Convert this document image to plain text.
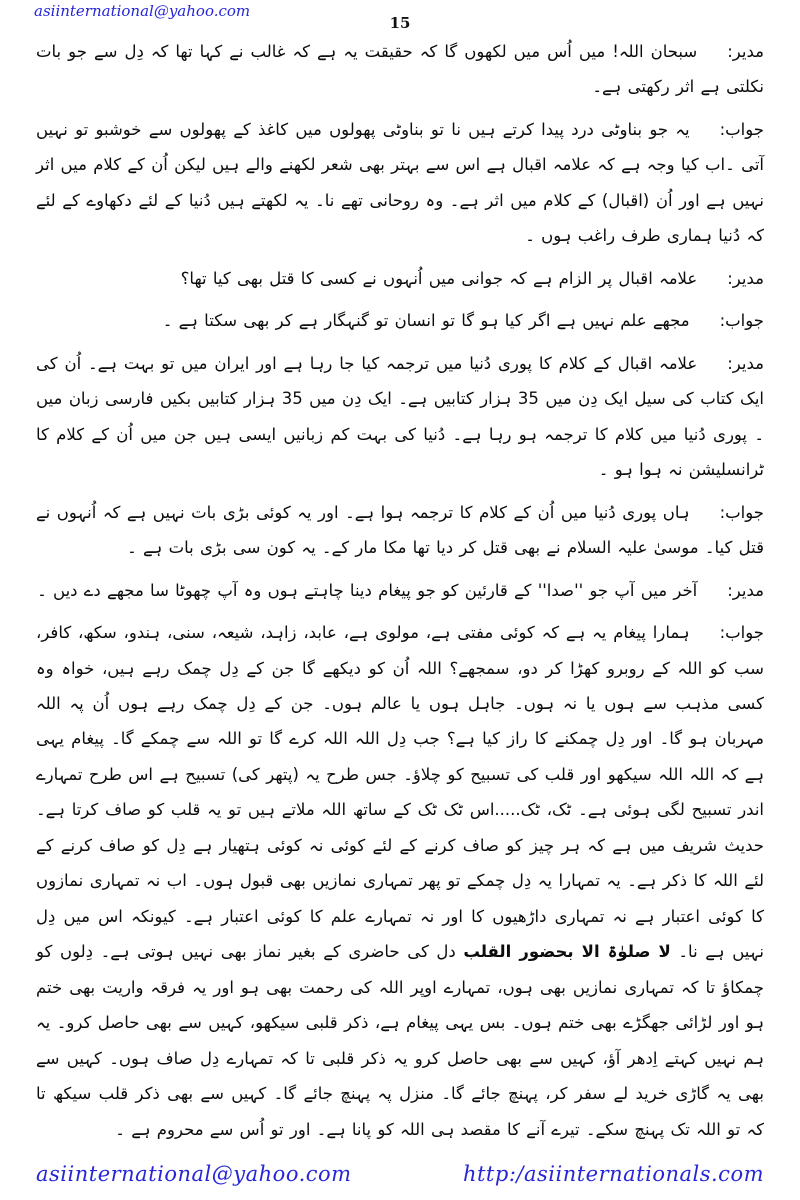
asiinternational@yahoo.com
15

مدیر:سبحان اللہ! میں اُس میں لکھوں گا کہ حقیقت یہ ہے کہ غالب نے کہا تھا کہ دِل سے جو بات نکلتی ہے اثر رکھتی ہے۔

جواب:یہ جو بناوٹی درد پیدا کرتے ہیں نا تو بناوٹی پھولوں میں کاغذ کے پھولوں سے خوشبو تو نہیں آتی ۔اب کیا وجہ ہے کہ علامہ اقبال ہے اس سے بہتر بھی شعر لکھنے والے ہیں لیکن اُن کے کلام میں اثر نہیں ہے اور اُن (اقبال) کے کلام میں اثر ہے۔ وہ روحانی تھے نا۔ یہ لکھتے ہیں دُنیا کے لئے دکھاوے کے لئے کہ دُنیا ہماری طرف راغب ہوں ۔

مدیر:علامہ اقبال پر الزام ہے کہ جوانی میں اُنہوں نے کسی کا قتل بھی کیا تھا؟

جواب:مجھے علم نہیں ہے اگر کیا ہو گا تو انسان تو گنہگار ہے کر بھی سکتا ہے ۔

مدیر:علامہ اقبال کے کلام کا پوری دُنیا میں ترجمہ کیا جا رہا ہے اور ایران میں تو بہت ہے۔ اُن کی ایک کتاب کی سیل ایک دِن میں 35 ہزار کتابیں ہے۔ ایک دِن میں 35 ہزار کتابیں بکیں فارسی زبان میں ۔ پوری دُنیا میں کلام کا ترجمہ ہو رہا ہے۔ دُنیا کی بہت کم زبانیں ایسی ہیں جن میں اُن کے کلام کا ٹرانسلیشن نہ ہوا ہو ۔

جواب:ہاں پوری دُنیا میں اُن کے کلام کا ترجمہ ہوا ہے۔ اور یہ کوئی بڑی بات نہیں ہے کہ اُنہوں نے قتل کیا۔ موسیٰ علیہ السلام نے بھی قتل کر دیا تھا مکا مار کے۔ یہ کون سی بڑی بات ہے ۔

مدیر:آخر میں آپ جو ''صدا'' کے قارئین کو جو پیغام دینا چاہتے ہوں وہ آپ چھوٹا سا مجھے دے دیں ۔

جواب:ہمارا پیغام یہ ہے کہ کوئی مفتی ہے، مولوی ہے، عابد، زاہد، شیعہ، سنی، ہندو، سکھ، کافر، سب کو اللہ کے روبرو کھڑا کر دو، سمجھے؟ اللہ اُن کو دیکھے گا جن کے دِل چمک رہے ہیں، خواہ وہ کسی مذہب سے ہوں یا نہ ہوں۔ جاہل ہوں یا عالم ہوں۔ جن کے دِل چمک رہے ہوں اُن پہ اللہ مہربان ہو گا۔ اور دِل چمکنے کا راز کیا ہے؟ جب دِل اللہ اللہ کرے گا تو اللہ سے چمکے گا۔ پیغام یہی ہے کہ اللہ اللہ سیکھو اور قلب کی تسبیح کو چلاؤ۔ جس طرح یہ (پتھر کی) تسبیح ہے اس طرح تمہارے اندر تسبیح لگی ہوئی ہے۔ ٹک، ٹک.....اس ٹک ٹک کے ساتھ اللہ ملاتے ہیں تو یہ قلب کو صاف کرتا ہے۔ حدیث شریف میں ہے کہ ہر چیز کو صاف کرنے کے لئے کوئی نہ کوئی ہتھیار ہے دِل کو صاف کرنے کے لئے اللہ کا ذکر ہے۔ یہ تمہارا یہ دِل چمکے تو پھر تمہاری نمازیں بھی قبول ہوں۔ اب نہ تمہاری نمازوں کا کوئی اعتبار ہے نہ تمہاری داڑھیوں کا اور نہ تمہارے علم کا کوئی اعتبار ہے۔ کیونکہ اس میں دِل نہیں ہے نا۔ لا صلوٰۃ الا بحضور القلب دل کی حاضری کے بغیر نماز بھی نہیں ہوتی ہے۔ دِلوں کو چمکاؤ تا کہ تمہاری نمازیں بھی ہوں، تمہارے اوپر اللہ کی رحمت بھی ہو اور یہ فرقہ واریت بھی ختم ہو اور لڑائی جھگڑے بھی ختم ہوں۔ بس یہی پیغام ہے، ذکر قلبی سیکھو، کہیں سے بھی حاصل کرو۔ یہ ہم نہیں کہتے اِدھر آؤ، کہیں سے بھی حاصل کرو یہ ذکر قلبی تا کہ تمہارے دِل صاف ہوں۔ کہیں سے بھی یہ گاڑی خرید لے سفر کر، پہنچ جائے گا۔ منزل پہ پہنچ جائے گا۔ کہیں سے بھی ذکر قلب سیکھ تا کہ تو اللہ تک پہنچ سکے۔ تیرے آنے کا مقصد ہی اللہ کو پانا ہے۔ اور تو اُس سے محروم ہے ۔

asiinternational@yahoo.com	http:/asiinternationals.com
